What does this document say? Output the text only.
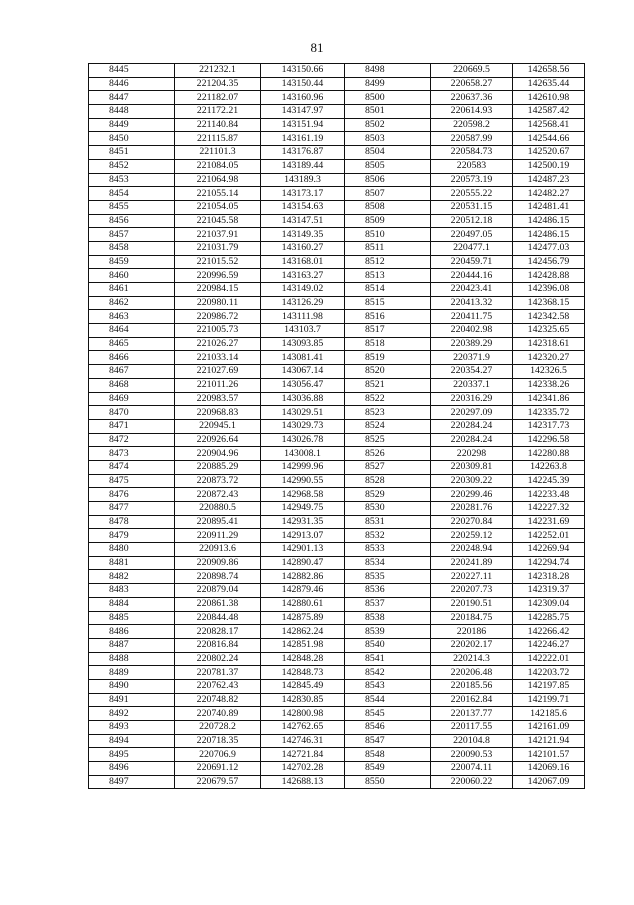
81
8445	221232.1	143150.66	8498	220669.5	142658.56
8446	221204.35	143150.44	8499	220658.27	142635.44
8447	221182.07	143160.96	8500	220637.36	142610.98
8448	221172.21	143147.97	8501	220614.93	142587.42
8449	221140.84	143151.94	8502	220598.2	142568.41
8450	221115.87	143161.19	8503	220587.99	142544.66
8451	221101.3	143176.87	8504	220584.73	142520.67
8452	221084.05	143189.44	8505	220583	142500.19
8453	221064.98	143189.3	8506	220573.19	142487.23
8454	221055.14	143173.17	8507	220555.22	142482.27
8455	221054.05	143154.63	8508	220531.15	142481.41
8456	221045.58	143147.51	8509	220512.18	142486.15
8457	221037.91	143149.35	8510	220497.05	142486.15
8458	221031.79	143160.27	8511	220477.1	142477.03
8459	221015.52	143168.01	8512	220459.71	142456.79
8460	220996.59	143163.27	8513	220444.16	142428.88
8461	220984.15	143149.02	8514	220423.41	142396.08
8462	220980.11	143126.29	8515	220413.32	142368.15
8463	220986.72	143111.98	8516	220411.75	142342.58
8464	221005.73	143103.7	8517	220402.98	142325.65
8465	221026.27	143093.85	8518	220389.29	142318.61
8466	221033.14	143081.41	8519	220371.9	142320.27
8467	221027.69	143067.14	8520	220354.27	142326.5
8468	221011.26	143056.47	8521	220337.1	142338.26
8469	220983.57	143036.88	8522	220316.29	142341.86
8470	220968.83	143029.51	8523	220297.09	142335.72
8471	220945.1	143029.73	8524	220284.24	142317.73
8472	220926.64	143026.78	8525	220284.24	142296.58
8473	220904.96	143008.1	8526	220298	142280.88
8474	220885.29	142999.96	8527	220309.81	142263.8
8475	220873.72	142990.55	8528	220309.22	142245.39
8476	220872.43	142968.58	8529	220299.46	142233.48
8477	220880.5	142949.75	8530	220281.76	142227.32
8478	220895.41	142931.35	8531	220270.84	142231.69
8479	220911.29	142913.07	8532	220259.12	142252.01
8480	220913.6	142901.13	8533	220248.94	142269.94
8481	220909.86	142890.47	8534	220241.89	142294.74
8482	220898.74	142882.86	8535	220227.11	142318.28
8483	220879.04	142879.46	8536	220207.73	142319.37
8484	220861.38	142880.61	8537	220190.51	142309.04
8485	220844.48	142875.89	8538	220184.75	142285.75
8486	220828.17	142862.24	8539	220186	142266.42
8487	220816.84	142851.98	8540	220202.17	142246.27
8488	220802.24	142848.28	8541	220214.3	142222.01
8489	220781.37	142848.73	8542	220206.48	142203.72
8490	220762.43	142845.49	8543	220185.56	142197.85
8491	220748.82	142830.85	8544	220162.84	142199.71
8492	220740.89	142800.98	8545	220137.77	142185.6
8493	220728.2	142762.65	8546	220117.55	142161.09
8494	220718.35	142746.31	8547	220104.8	142121.94
8495	220706.9	142721.84	8548	220090.53	142101.57
8496	220691.12	142702.28	8549	220074.11	142069.16
8497	220679.57	142688.13	8550	220060.22	142067.09
